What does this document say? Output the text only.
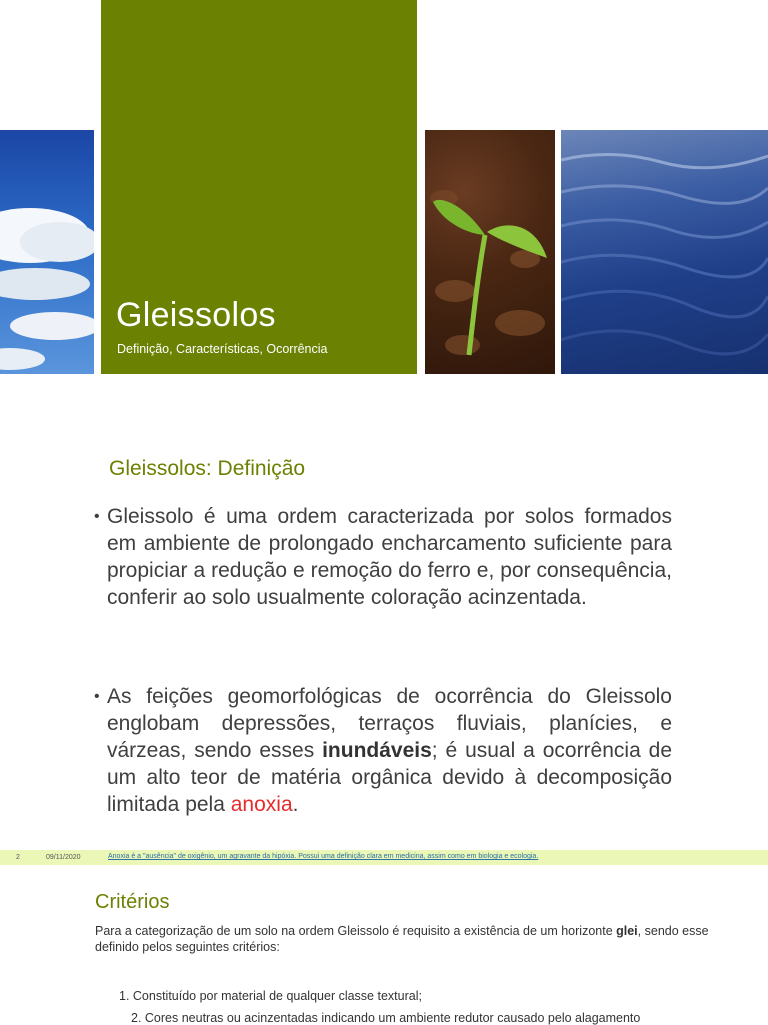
Gleissolos
Definição, Características, Ocorrência
Gleissolos: Definição
• Gleissolo é uma ordem caracterizada por solos formados em ambiente de prolongado encharcamento suficiente para propiciar a redução e remoção do ferro e, por consequência, conferir ao solo usualmente coloração acinzentada.
• As feições geomorfológicas de ocorrência do Gleissolo englobam depressões, terraços fluviais, planícies, e várzeas, sendo esses inundáveis; é usual a ocorrência de um alto teor de matéria orgânica devido à decomposição limitada pela anoxia.
2	09/11/2020	Anoxia é a "ausência" de oxigênio, um agravante da hipóxia. Possui uma definição clara em medicina, assim como em biologia e ecologia.
Critérios
Para a categorização de um solo na ordem Gleissolo é requisito a existência de um horizonte glei, sendo esse definido pelos seguintes critérios:
1. Constituído por material de qualquer classe textural;
2. Cores neutras ou acinzentadas indicando um ambiente redutor causado pelo alagamento
